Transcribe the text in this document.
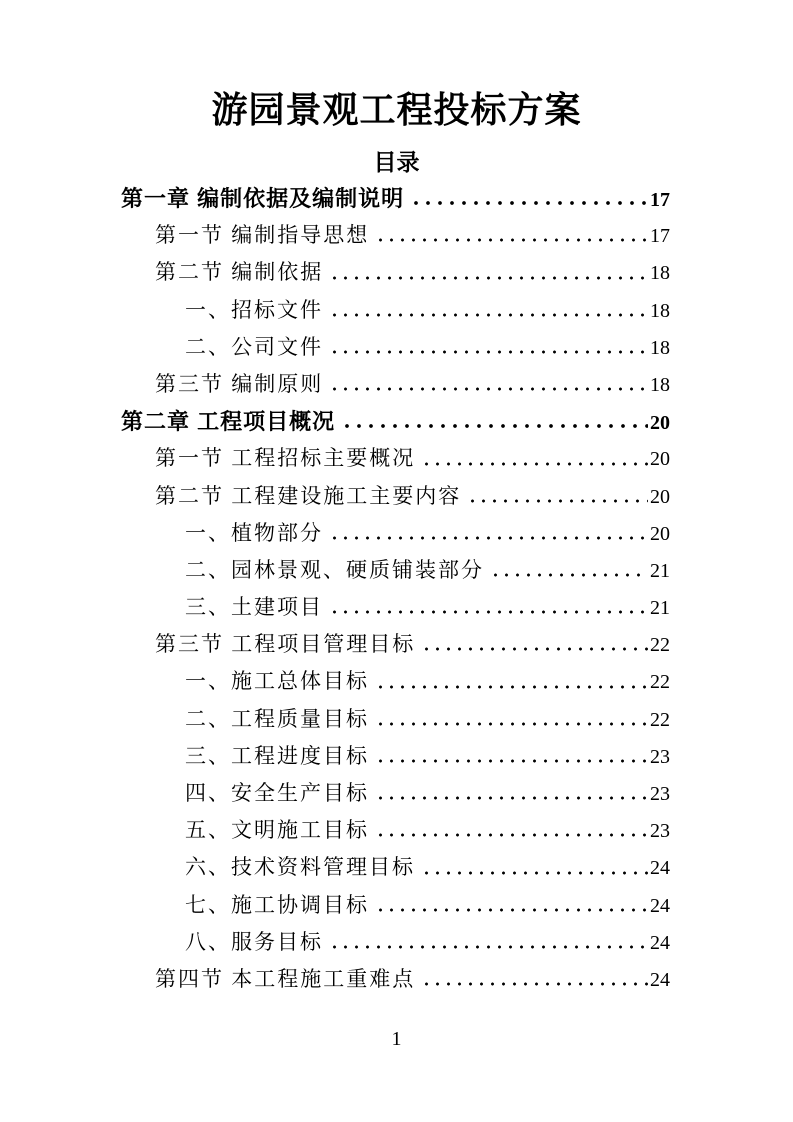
游园景观工程投标方案
目录
第一章 编制依据及编制说明	17
第一节 编制指导思想	17
第二节 编制依据	18
一、招标文件	18
二、公司文件	18
第三节 编制原则	18
第二章 工程项目概况	20
第一节 工程招标主要概况	20
第二节 工程建设施工主要内容	20
一、植物部分	20
二、园林景观、硬质铺装部分	21
三、土建项目	21
第三节 工程项目管理目标	22
一、施工总体目标	22
二、工程质量目标	22
三、工程进度目标	23
四、安全生产目标	23
五、文明施工目标	23
六、技术资料管理目标	24
七、施工协调目标	24
八、服务目标	24
第四节 本工程施工重难点	24
1
